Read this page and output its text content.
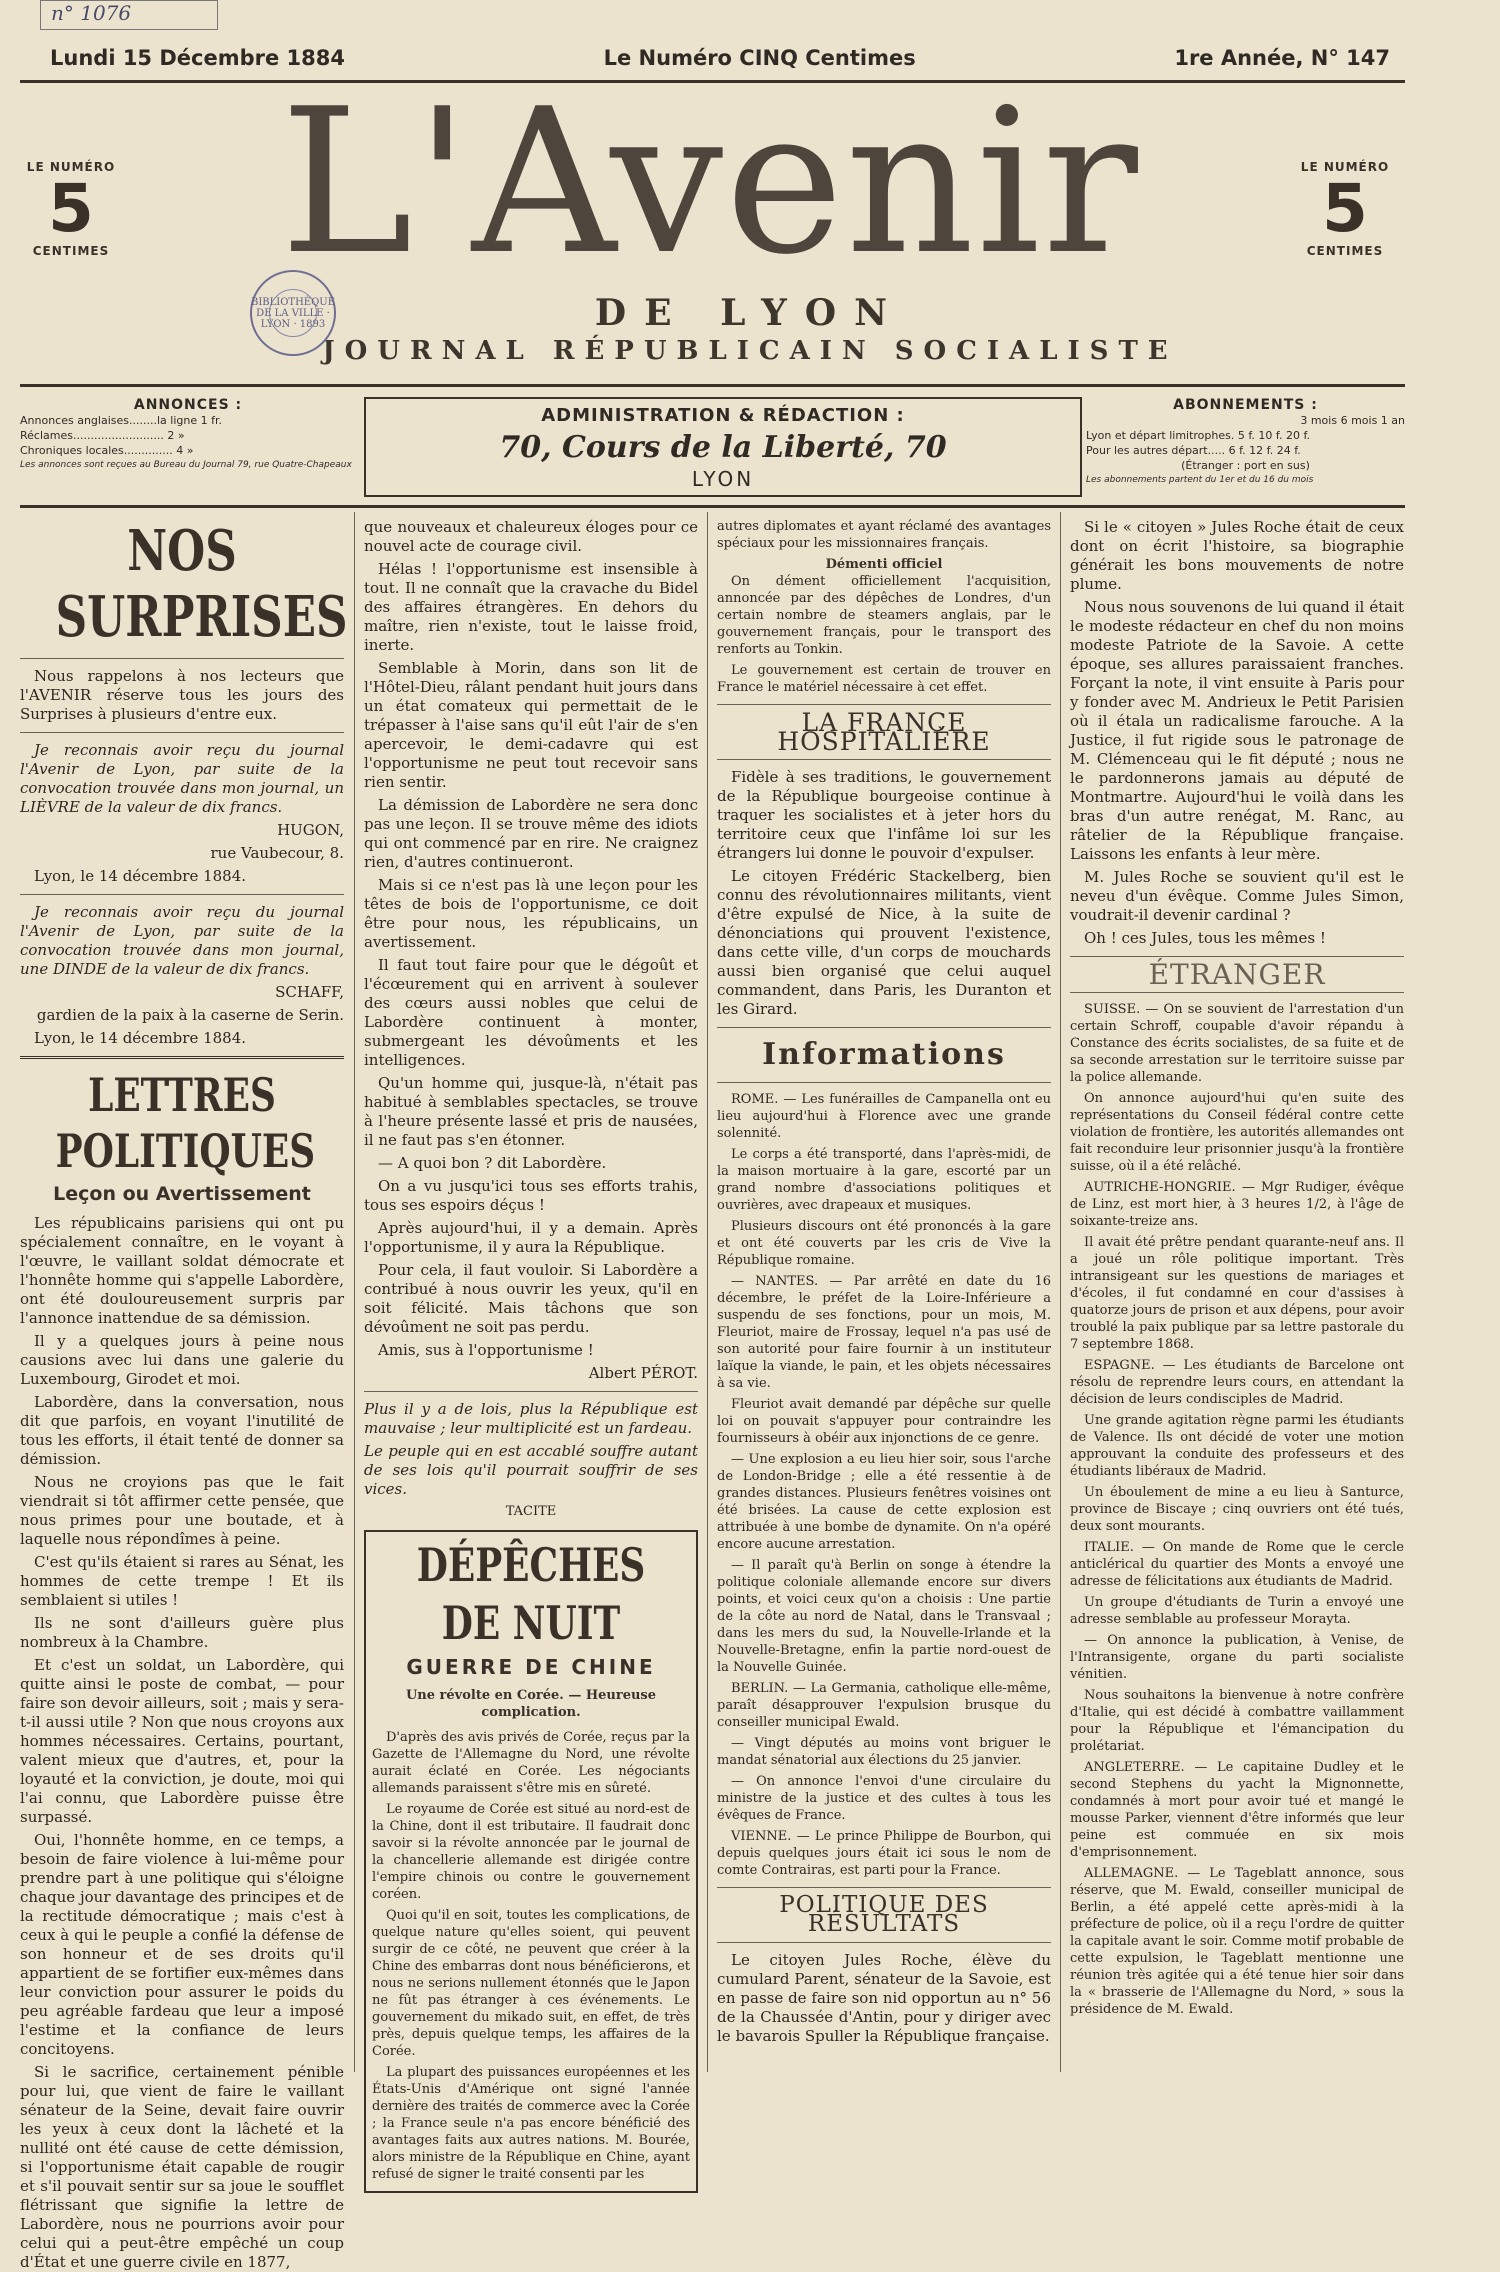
n° 1076
Lundi 15 Décembre 1884	Le Numéro CINQ Centimes	1re Année, N° 147
L'Avenir
DE LYON
JOURNAL RÉPUBLICAIN SOCIALISTE
LE NUMÉRO
5
CENTIMES
LE NUMÉRO
5
CENTIMES
BIBLIOTHÈQUE DE LA VILLE · LYON · 1893
ANNONCES :
Annonces anglaises........la ligne 1 fr.
Réclames.......................... 2 »
Chroniques locales.............. 4 »
Les annonces sont reçues au Bureau du Journal 79, rue Quatre-Chapeaux
ADMINISTRATION & RÉDACTION :
70, Cours de la Liberté, 70
LYON
ABONNEMENTS :
3 mois 6 mois 1 an
Lyon et départ limitrophes. 5 f. 10 f. 20 f.
Pour les autres départ..... 6 f. 12 f. 24 f.
(Étranger : port en sus)
Les abonnements partent du 1er et du 16 du mois
NOS SURPRISES

Nous rappelons à nos lecteurs que l'AVENIR réserve tous les jours des Surprises à plusieurs d'entre eux.

Je reconnais avoir reçu du journal l'Avenir de Lyon, par suite de la convocation trouvée dans mon journal, un LIÈVRE de la valeur de dix francs.

HUGON,

rue Vaubecour, 8.

Lyon, le 14 décembre 1884.

Je reconnais avoir reçu du journal l'Avenir de Lyon, par suite de la convocation trouvée dans mon journal, une DINDE de la valeur de dix francs.

SCHAFF,

gardien de la paix à la caserne de Serin.

Lyon, le 14 décembre 1884.

LETTRES POLITIQUES
Leçon ou Avertissement

Les républicains parisiens qui ont pu spécialement connaître, en le voyant à l'œuvre, le vaillant soldat démocrate et l'honnête homme qui s'appelle Labordère, ont été douloureusement surpris par l'annonce inattendue de sa démission.

Il y a quelques jours à peine nous causions avec lui dans une galerie du Luxembourg, Girodet et moi.

Labordère, dans la conversation, nous dit que parfois, en voyant l'inutilité de tous les efforts, il était tenté de donner sa démission.

Nous ne croyions pas que le fait viendrait si tôt affirmer cette pensée, que nous primes pour une boutade, et à laquelle nous répondîmes à peine.

C'est qu'ils étaient si rares au Sénat, les hommes de cette trempe ! Et ils semblaient si utiles !

Ils ne sont d'ailleurs guère plus nombreux à la Chambre.

Et c'est un soldat, un Labordère, qui quitte ainsi le poste de combat, — pour faire son devoir ailleurs, soit ; mais y sera-t-il aussi utile ? Non que nous croyons aux hommes nécessaires. Certains, pourtant, valent mieux que d'autres, et, pour la loyauté et la conviction, je doute, moi qui l'ai connu, que Labordère puisse être surpassé.

Oui, l'honnête homme, en ce temps, a besoin de faire violence à lui-même pour prendre part à une politique qui s'éloigne chaque jour davantage des principes et de la rectitude démocratique ; mais c'est à ceux à qui le peuple a confié la défense de son honneur et de ses droits qu'il appartient de se fortifier eux-mêmes dans leur conviction pour assurer le poids du peu agréable fardeau que leur a imposé l'estime et la confiance de leurs concitoyens.

Si le sacrifice, certainement pénible pour lui, que vient de faire le vaillant sénateur de la Seine, devait faire ouvrir les yeux à ceux dont la lâcheté et la nullité ont été cause de cette démission, si l'opportunisme était capable de rougir et s'il pouvait sentir sur sa joue le soufflet flétrissant que signifie la lettre de Labordère, nous ne pourrions avoir pour celui qui a peut-être empêché un coup d'État et une guerre civile en 1877,

que nouveaux et chaleureux éloges pour ce nouvel acte de courage civil.

Hélas ! l'opportunisme est insensible à tout. Il ne connaît que la cravache du Bidel des affaires étrangères. En dehors du maître, rien n'existe, tout le laisse froid, inerte.

Semblable à Morin, dans son lit de l'Hôtel-Dieu, râlant pendant huit jours dans un état comateux qui permettait de le trépasser à l'aise sans qu'il eût l'air de s'en apercevoir, le demi-cadavre qui est l'opportunisme ne peut tout recevoir sans rien sentir.

La démission de Labordère ne sera donc pas une leçon. Il se trouve même des idiots qui ont commencé par en rire. Ne craignez rien, d'autres continueront.

Mais si ce n'est pas là une leçon pour les têtes de bois de l'opportunisme, ce doit être pour nous, les républicains, un avertissement.

Il faut tout faire pour que le dégoût et l'écœurement qui en arrivent à soulever des cœurs aussi nobles que celui de Labordère continuent à monter, submergeant les dévoûments et les intelligences.

Qu'un homme qui, jusque-là, n'était pas habitué à semblables spectacles, se trouve à l'heure présente lassé et pris de nausées, il ne faut pas s'en étonner.

— A quoi bon ? dit Labordère.

On a vu jusqu'ici tous ses efforts trahis, tous ses espoirs déçus !

Après aujourd'hui, il y a demain. Après l'opportunisme, il y aura la République.

Pour cela, il faut vouloir. Si Labordère a contribué à nous ouvrir les yeux, qu'il en soit félicité. Mais tâchons que son dévoûment ne soit pas perdu.

Amis, sus à l'opportunisme !

Albert PÉROT.

Plus il y a de lois, plus la République est mauvaise ; leur multiplicité est un fardeau.

Le peuple qui en est accablé souffre autant de ses lois qu'il pourrait souffrir de ses vices.

TACITE

DÉPÊCHES DE NUIT
GUERRE DE CHINE
Une révolte en Corée. — Heureuse complication.

D'après des avis privés de Corée, reçus par la Gazette de l'Allemagne du Nord, une révolte aurait éclaté en Corée. Les négociants allemands paraissent s'être mis en sûreté.

Le royaume de Corée est situé au nord-est de la Chine, dont il est tributaire. Il faudrait donc savoir si la révolte annoncée par le journal de la chancellerie allemande est dirigée contre l'empire chinois ou contre le gouvernement coréen.

Quoi qu'il en soit, toutes les complications, de quelque nature qu'elles soient, qui peuvent surgir de ce côté, ne peuvent que créer à la Chine des embarras dont nous bénéficierons, et nous ne serions nullement étonnés que le Japon ne fût pas étranger à ces événements. Le gouvernement du mikado suit, en effet, de très près, depuis quelque temps, les affaires de la Corée.

La plupart des puissances européennes et les États-Unis d'Amérique ont signé l'année dernière des traités de commerce avec la Corée ; la France seule n'a pas encore bénéficié des avantages faits aux autres nations. M. Bourée, alors ministre de la République en Chine, ayant refusé de signer le traité consenti par les

autres diplomates et ayant réclamé des avantages spéciaux pour les missionnaires français.

Démenti officiel

On dément officiellement l'acquisition, annoncée par des dépêches de Londres, d'un certain nombre de steamers anglais, par le gouvernement français, pour le transport des renforts au Tonkin.

Le gouvernement est certain de trouver en France le matériel nécessaire à cet effet.

LA FRANCE HOSPITALIÈRE

Fidèle à ses traditions, le gouvernement de la République bourgeoise continue à traquer les socialistes et à jeter hors du territoire ceux que l'infâme loi sur les étrangers lui donne le pouvoir d'expulser.

Le citoyen Frédéric Stackelberg, bien connu des révolutionnaires militants, vient d'être expulsé de Nice, à la suite de dénonciations qui prouvent l'existence, dans cette ville, d'un corps de mouchards aussi bien organisé que celui auquel commandent, dans Paris, les Duranton et les Girard.

Informations

ROME. — Les funérailles de Campanella ont eu lieu aujourd'hui à Florence avec une grande solennité.

Le corps a été transporté, dans l'après-midi, de la maison mortuaire à la gare, escorté par un grand nombre d'associations politiques et ouvrières, avec drapeaux et musiques.

Plusieurs discours ont été prononcés à la gare et ont été couverts par les cris de Vive la République romaine.

— NANTES. — Par arrêté en date du 16 décembre, le préfet de la Loire-Inférieure a suspendu de ses fonctions, pour un mois, M. Fleuriot, maire de Frossay, lequel n'a pas usé de son autorité pour faire fournir à un instituteur laïque la viande, le pain, et les objets nécessaires à sa vie.

Fleuriot avait demandé par dépêche sur quelle loi on pouvait s'appuyer pour contraindre les fournisseurs à obéir aux injonctions de ce genre.

— Une explosion a eu lieu hier soir, sous l'arche de London-Bridge ; elle a été ressentie à de grandes distances. Plusieurs fenêtres voisines ont été brisées. La cause de cette explosion est attribuée à une bombe de dynamite. On n'a opéré encore aucune arrestation.

— Il paraît qu'à Berlin on songe à étendre la politique coloniale allemande encore sur divers points, et voici ceux qu'on a choisis : Une partie de la côte au nord de Natal, dans le Transvaal ; dans les mers du sud, la Nouvelle-Irlande et la Nouvelle-Bretagne, enfin la partie nord-ouest de la Nouvelle Guinée.

BERLIN. — La Germania, catholique elle-même, paraît désapprouver l'expulsion brusque du conseiller municipal Ewald.

— Vingt députés au moins vont briguer le mandat sénatorial aux élections du 25 janvier.

— On annonce l'envoi d'une circulaire du ministre de la justice et des cultes à tous les évêques de France.

VIENNE. — Le prince Philippe de Bourbon, qui depuis quelques jours était ici sous le nom de comte Contrairas, est parti pour la France.

POLITIQUE DES RÉSULTATS

Le citoyen Jules Roche, élève du cumulard Parent, sénateur de la Savoie, est en passe de faire son nid opportun au n° 56 de la Chaussée d'Antin, pour y diriger avec le bavarois Spuller la République française.

Si le « citoyen » Jules Roche était de ceux dont on écrit l'histoire, sa biographie générait les bons mouvements de notre plume.

Nous nous souvenons de lui quand il était le modeste rédacteur en chef du non moins modeste Patriote de la Savoie. A cette époque, ses allures paraissaient franches. Forçant la note, il vint ensuite à Paris pour y fonder avec M. Andrieux le Petit Parisien où il étala un radicalisme farouche. A la Justice, il fut rigide sous le patronage de M. Clémenceau qui le fit député ; nous ne le pardonnerons jamais au député de Montmartre. Aujourd'hui le voilà dans les bras d'un autre renégat, M. Ranc, au râtelier de la République française. Laissons les enfants à leur mère.

M. Jules Roche se souvient qu'il est le neveu d'un évêque. Comme Jules Simon, voudrait-il devenir cardinal ?

Oh ! ces Jules, tous les mêmes !

ÉTRANGER

SUISSE. — On se souvient de l'arrestation d'un certain Schroff, coupable d'avoir répandu à Constance des écrits socialistes, de sa fuite et de sa seconde arrestation sur le territoire suisse par la police allemande.

On annonce aujourd'hui qu'en suite des représentations du Conseil fédéral contre cette violation de frontière, les autorités allemandes ont fait reconduire leur prisonnier jusqu'à la frontière suisse, où il a été relâché.

AUTRICHE-HONGRIE. — Mgr Rudiger, évêque de Linz, est mort hier, à 3 heures 1/2, à l'âge de soixante-treize ans.

Il avait été prêtre pendant quarante-neuf ans. Il a joué un rôle politique important. Très intransigeant sur les questions de mariages et d'écoles, il fut condamné en cour d'assises à quatorze jours de prison et aux dépens, pour avoir troublé la paix publique par sa lettre pastorale du 7 septembre 1868.

ESPAGNE. — Les étudiants de Barcelone ont résolu de reprendre leurs cours, en attendant la décision de leurs condisciples de Madrid.

Une grande agitation règne parmi les étudiants de Valence. Ils ont décidé de voter une motion approuvant la conduite des professeurs et des étudiants libéraux de Madrid.

Un éboulement de mine a eu lieu à Santurce, province de Biscaye ; cinq ouvriers ont été tués, deux sont mourants.

ITALIE. — On mande de Rome que le cercle anticlérical du quartier des Monts a envoyé une adresse de félicitations aux étudiants de Madrid.

Un groupe d'étudiants de Turin a envoyé une adresse semblable au professeur Morayta.

— On annonce la publication, à Venise, de l'Intransigente, organe du parti socialiste vénitien.

Nous souhaitons la bienvenue à notre confrère d'Italie, qui est décidé à combattre vaillamment pour la République et l'émancipation du prolétariat.

ANGLETERRE. — Le capitaine Dudley et le second Stephens du yacht la Mignonnette, condamnés à mort pour avoir tué et mangé le mousse Parker, viennent d'être informés que leur peine est commuée en six mois d'emprisonnement.

ALLEMAGNE. — Le Tageblatt annonce, sous réserve, que M. Ewald, conseiller municipal de Berlin, a été appelé cette après-midi à la préfecture de police, où il a reçu l'ordre de quitter la capitale avant le soir. Comme motif probable de cette expulsion, le Tageblatt mentionne une réunion très agitée qui a été tenue hier soir dans la « brasserie de l'Allemagne du Nord, » sous la présidence de M. Ewald.
